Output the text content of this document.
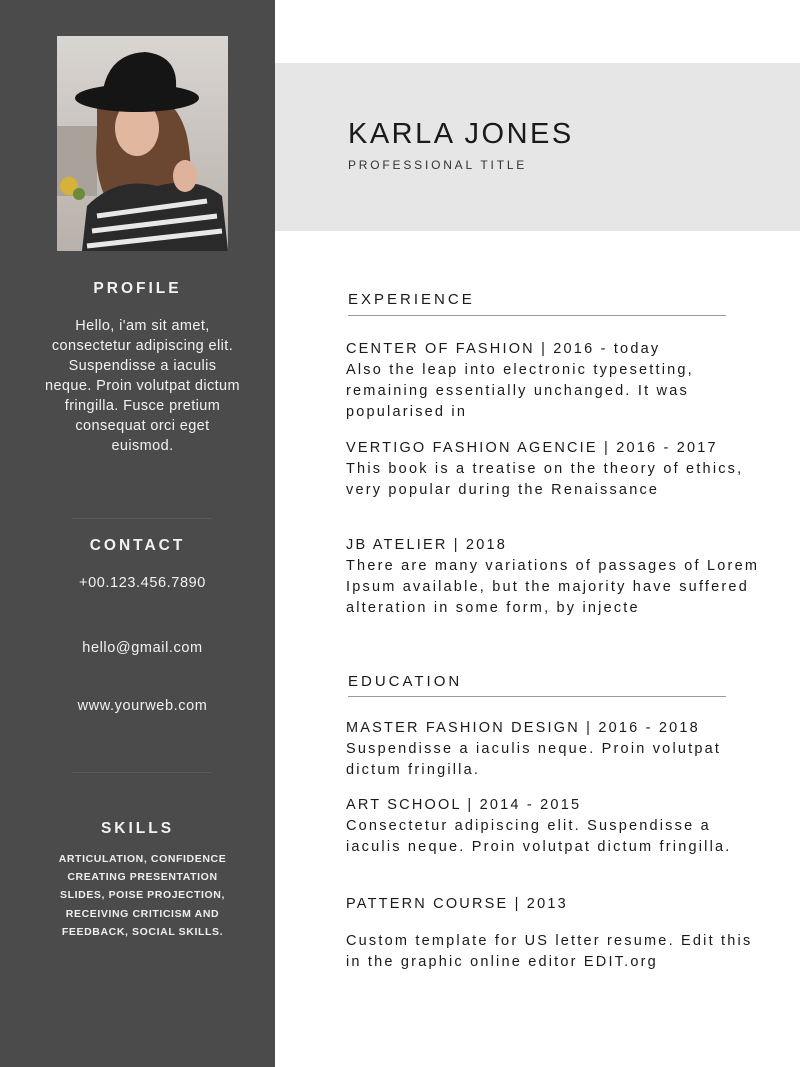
PROFILE

Hello, i'am sit amet, consectetur adipiscing elit. Suspendisse a iaculis neque. Proin volutpat dictum fringilla. Fusce pretium consequat orci eget euismod.

CONTACT

+00.123.456.7890

hello@gmail.com

www.yourweb.com

SKILLS

ARTICULATION, CONFIDENCE CREATING PRESENTATION SLIDES, POISE PROJECTION, RECEIVING CRITICISM AND FEEDBACK, SOCIAL SKILLS.

KARLA JONES

PROFESSIONAL TITLE

EXPERIENCE

CENTER OF FASHION | 2016 - today

Also the leap into electronic typesetting, remaining essentially unchanged. It was popularised in

VERTIGO FASHION AGENCIE | 2016 - 2017

This book is a treatise on the theory of ethics, very popular during the Renaissance

JB ATELIER | 2018

There are many variations of passages of Lorem Ipsum available, but the majority have suffered alteration in some form, by injecte

EDUCATION

MASTER FASHION DESIGN | 2016 - 2018

Suspendisse a iaculis neque. Proin volutpat dictum fringilla.

ART SCHOOL | 2014 - 2015

Consectetur adipiscing elit. Suspendisse a iaculis neque. Proin volutpat dictum fringilla.

PATTERN COURSE | 2013

Custom template for US letter resume. Edit this in the graphic online editor EDIT.org
